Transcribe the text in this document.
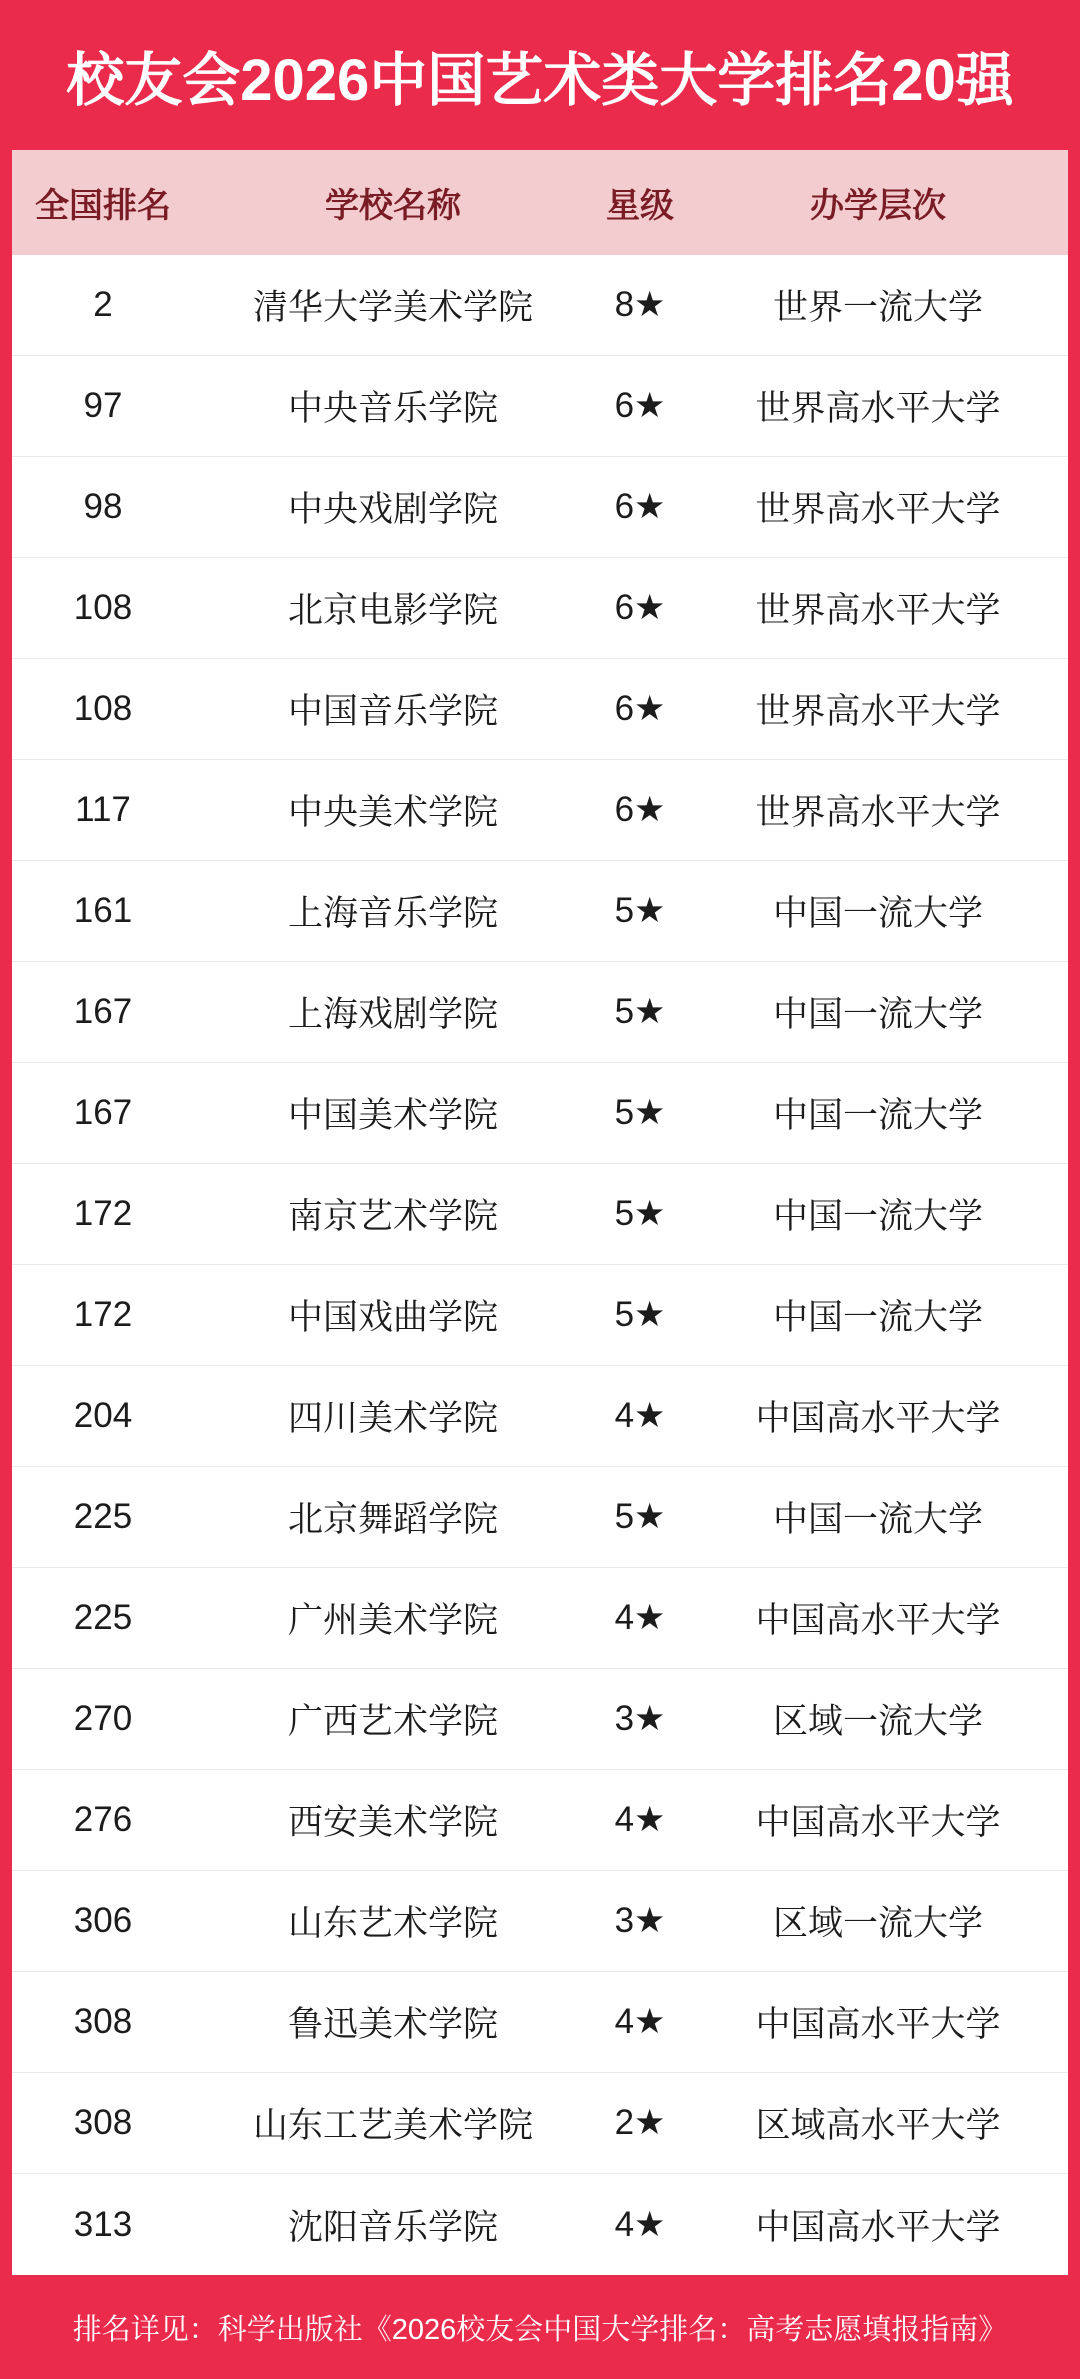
校友会2026中国艺术类大学排名20强
全国排名	学校名称	星级	办学层次
2	清华大学美术学院	8★	世界一流大学
97	中央音乐学院	6★	世界高水平大学
98	中央戏剧学院	6★	世界高水平大学
108	北京电影学院	6★	世界高水平大学
108	中国音乐学院	6★	世界高水平大学
117	中央美术学院	6★	世界高水平大学
161	上海音乐学院	5★	中国一流大学
167	上海戏剧学院	5★	中国一流大学
167	中国美术学院	5★	中国一流大学
172	南京艺术学院	5★	中国一流大学
172	中国戏曲学院	5★	中国一流大学
204	四川美术学院	4★	中国高水平大学
225	北京舞蹈学院	5★	中国一流大学
225	广州美术学院	4★	中国高水平大学
270	广西艺术学院	3★	区域一流大学
276	西安美术学院	4★	中国高水平大学
306	山东艺术学院	3★	区域一流大学
308	鲁迅美术学院	4★	中国高水平大学
308	山东工艺美术学院	2★	区域高水平大学
313	沈阳音乐学院	4★	中国高水平大学
排名详见：科学出版社《2026校友会中国大学排名：高考志愿填报指南》
